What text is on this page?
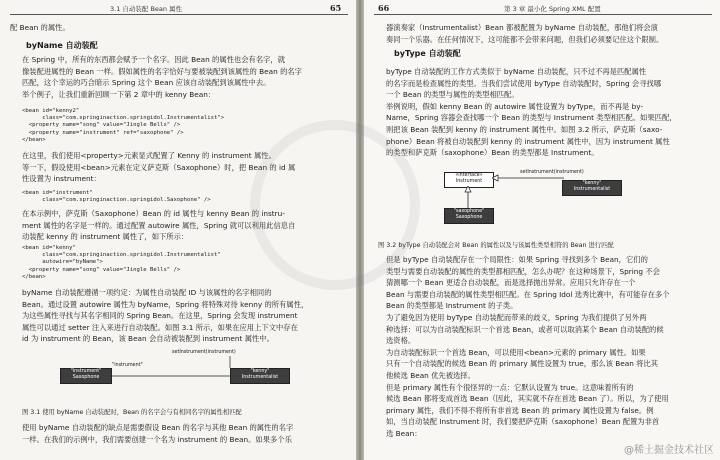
3.1 自动装配 Bean 属性	65
配 Bean 的属性。
byName 自动装配

在 Spring 中，所有的东西都会赋予一个名字。因此 Bean 的属性也会有名字，就

像装配进属性的 Bean 一样。假如属性的名字恰好与要被装配到该属性的 Bean 的名字

匹配，这个幸运的巧合暗示 Spring 这个 Bean 应该自动装配到该属性中去。

举个例子，让我们重新回顾一下第 2 章中的 kenny Bean：

<bean id="kenny2"
class="com.springinaction.springidol.Instrumentalist">
<property name="song" value="Jingle Bells" />
<property name="instrument" ref="saxophone" />
</bean>

在这里，我们使用<property>元素显式配置了 Kenny 的 instrument 属性。

等一下，假设使用<bean>元素在定义萨克斯（Saxophone）时，把 Bean 的 id 属

性设置为 instrument：

<bean id="instrument"
class="com.springinaction.springidol.Saxophone" />

在本示例中，萨克斯（Saxophone）Bean 的 id 属性与 kenny Bean 的 instru-

ment 属性的名字是一样的。通过配置 autowire 属性，Spring 就可以利用此信息自

动装配 kenny 的 instrument 属性了，如下所示：

<bean id="kenny"
class="com.springinaction.springidol.Instrumentalist"
autowire="byName">
<property name="song" value="Jingle Bells" />
</bean>

byName 自动装配遵循一项约定：为属性自动装配 ID 与该属性的名字相同的

Bean。通过设置 autowire 属性为 byName，Spring 将特殊对待 kenny 的所有属性，

为这些属性寻找与其名字相同的 Spring Bean。在这里，Spring 会发现 instrument

属性可以通过 setter 注入来进行自动装配。如图 3.1 所示，如果在应用上下文中存在

id 为 instrument 的 Bean，该 Bean 会自动被装配到 instrument 属性中。

"instrument"
Saxophone
"instrument"
setInstrument(instrument)
"kenny"
Instrumentalist
图 3.1 使用 byName 自动装配时，Bean 的名字会与有相同名字的属性相匹配

使用 byName 自动装配的缺点是需要假设 Bean 的名字与其他 Bean 的属性的名字

一样。在我们的示例中，我们需要创建一个名为 instrument 的 Bean。如果多个乐

66	第 3 章 最小化 Spring XML 配置

器演奏家（Instrumentalist）Bean 都被配置为 byName 自动装配，那他们将会演

奏同一个乐器。在任何情况下，这可能都不会带来问题，但我们必须要记住这个限制。

byType 自动装配

byType 自动装配的工作方式类似于 byName 自动装配，只不过不再是匹配属性

的名字而是检查属性的类型。当我们尝试使用 byType 自动装配时，Spring 会寻找哪

一个 Bean 的类型与属性的类型相匹配。

举例说明，假如 kenny Bean 的 autowire 属性设置为 byType，而不再是 by-

Name，Spring 容器会查找哪一个 Bean 的类型与 Instrument 类型相匹配。如果匹配，

则把该 Bean 装配到 kenny 的 instrument 属性中。如图 3.2 所示，萨克斯（saxo-

phone）Bean 将被自动装配到 kenny 的 instrument 属性中，因为 instrument 属性

的类型和萨克斯（saxophone）Bean 的类型都是 Instrument。

«interface»
Instrument
setInstrument(instrument)
"kenny"
Instrumentalist
"saxophone"
Saxophone
图 3.2 byType 自动装配会对 Bean 的属性以及与该属性类型相符的 Bean 进行匹配

但是 byType 自动装配存在一个局限性：如果 Spring 寻找到多个 Bean，它们的

类型与需要自动装配的属性的类型都相匹配，怎么办呢？在这种场景下，Spring 不会

猜测哪一个 Bean 更适合自动装配，而是选择抛出异常。应用只允许存在一个

Bean 与需要自动装配的属性类型相匹配。在 Spring Idol 选秀比赛中，有可能存在多个

Bean 的类型都是 Instrument 的子类。

为了避免因为使用 byType 自动装配而带来的歧义，Spring 为我们提供了另外两

种选择：可以为自动装配标识一个首选 Bean，或者可以取消某个 Bean 自动装配的候

选资格。

为自动装配标识一个首选 Bean，可以使用<bean>元素的 primary 属性。如果

只有一个自动装配的候选 Bean 的 primary 属性设置为 true，那么该 Bean 将比其

他候选 Bean 优先被选择。

但是 primary 属性有个很怪异的一点：它默认设置为 true。这意味着所有的

候选 Bean 都将变成首选 Bean（因此，其实就不存在首选 Bean 了）。所以，为了使用

primary 属性，我们不得不将所有非首选 Bean 的 primary 属性设置为 false。例

如，当自动装配 Instrument 时，我们要把萨克斯（saxophone）Bean 配置为非首

选 Bean：

@稀土掘金技术社区
